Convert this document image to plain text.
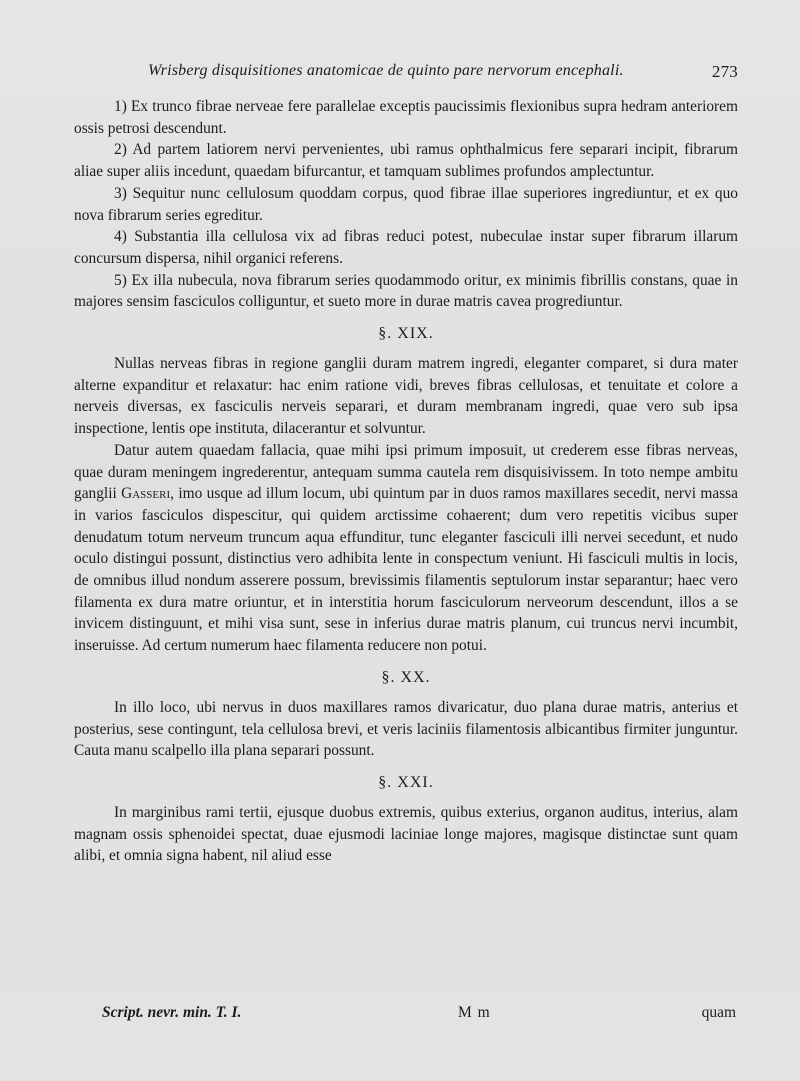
Wrisberg disquisitiones anatomicae de quinto pare nervorum encephali.	273

1) Ex trunco fibrae nerveae fere parallelae exceptis paucissimis flexionibus supra hedram anteriorem ossis petrosi descendunt.

2) Ad partem latiorem nervi pervenientes, ubi ramus ophthalmicus fere separari incipit, fibrarum aliae super aliis incedunt, quaedam bifurcantur, et tamquam sublimes profundos amplectuntur.

3) Sequitur nunc cellulosum quoddam corpus, quod fibrae illae superiores ingrediuntur, et ex quo nova fibrarum series egreditur.

4) Substantia illa cellulosa vix ad fibras reduci potest, nubeculae instar super fibrarum illarum concursum dispersa, nihil organici referens.

5) Ex illa nubecula, nova fibrarum series quodammodo oritur, ex minimis fibrillis constans, quae in majores sensim fasciculos colliguntur, et sueto more in durae matris cavea progrediuntur.

§. XIX.

Nullas nerveas fibras in regione ganglii duram matrem ingredi, eleganter comparet, si dura mater alterne expanditur et relaxatur: hac enim ratione vidi, breves fibras cellulosas, et tenuitate et colore a nerveis diversas, ex fasciculis nerveis separari, et duram membranam ingredi, quae vero sub ipsa inspectione, lentis ope instituta, dilacerantur et solvuntur.

Datur autem quaedam fallacia, quae mihi ipsi primum imposuit, ut crederem esse fibras nerveas, quae duram meningem ingrederentur, antequam summa cautela rem disquisivissem. In toto nempe ambitu ganglii Gasseri, imo usque ad illum locum, ubi quintum par in duos ramos maxillares secedit, nervi massa in varios fasciculos dispescitur, qui quidem arctissime cohaerent; dum vero repetitis vicibus super denudatum totum nerveum truncum aqua effunditur, tunc eleganter fasciculi illi nervei secedunt, et nudo oculo distingui possunt, distinctius vero adhibita lente in conspectum veniunt. Hi fasciculi multis in locis, de omnibus illud nondum asserere possum, brevissimis filamentis septulorum instar separantur; haec vero filamenta ex dura matre oriuntur, et in interstitia horum fasciculorum nerveorum descendunt, illos a se invicem distinguunt, et mihi visa sunt, sese in inferius durae matris planum, cui truncus nervi incumbit, inseruisse. Ad certum numerum haec filamenta reducere non potui.

§. XX.

In illo loco, ubi nervus in duos maxillares ramos divaricatur, duo plana durae matris, anterius et posterius, sese contingunt, tela cellulosa brevi, et veris laciniis filamentosis albicantibus firmiter junguntur. Cauta manu scalpello illa plana separari possunt.

§. XXI.

In marginibus rami tertii, ejusque duobus extremis, quibus exterius, organon auditus, interius, alam magnam ossis sphenoidei spectat, duae ejusmodi laciniae longe majores, magisque distinctae sunt quam alibi, et omnia signa habent, nil aliud esse

Script. nevr. min. T. I.	M m	quam
